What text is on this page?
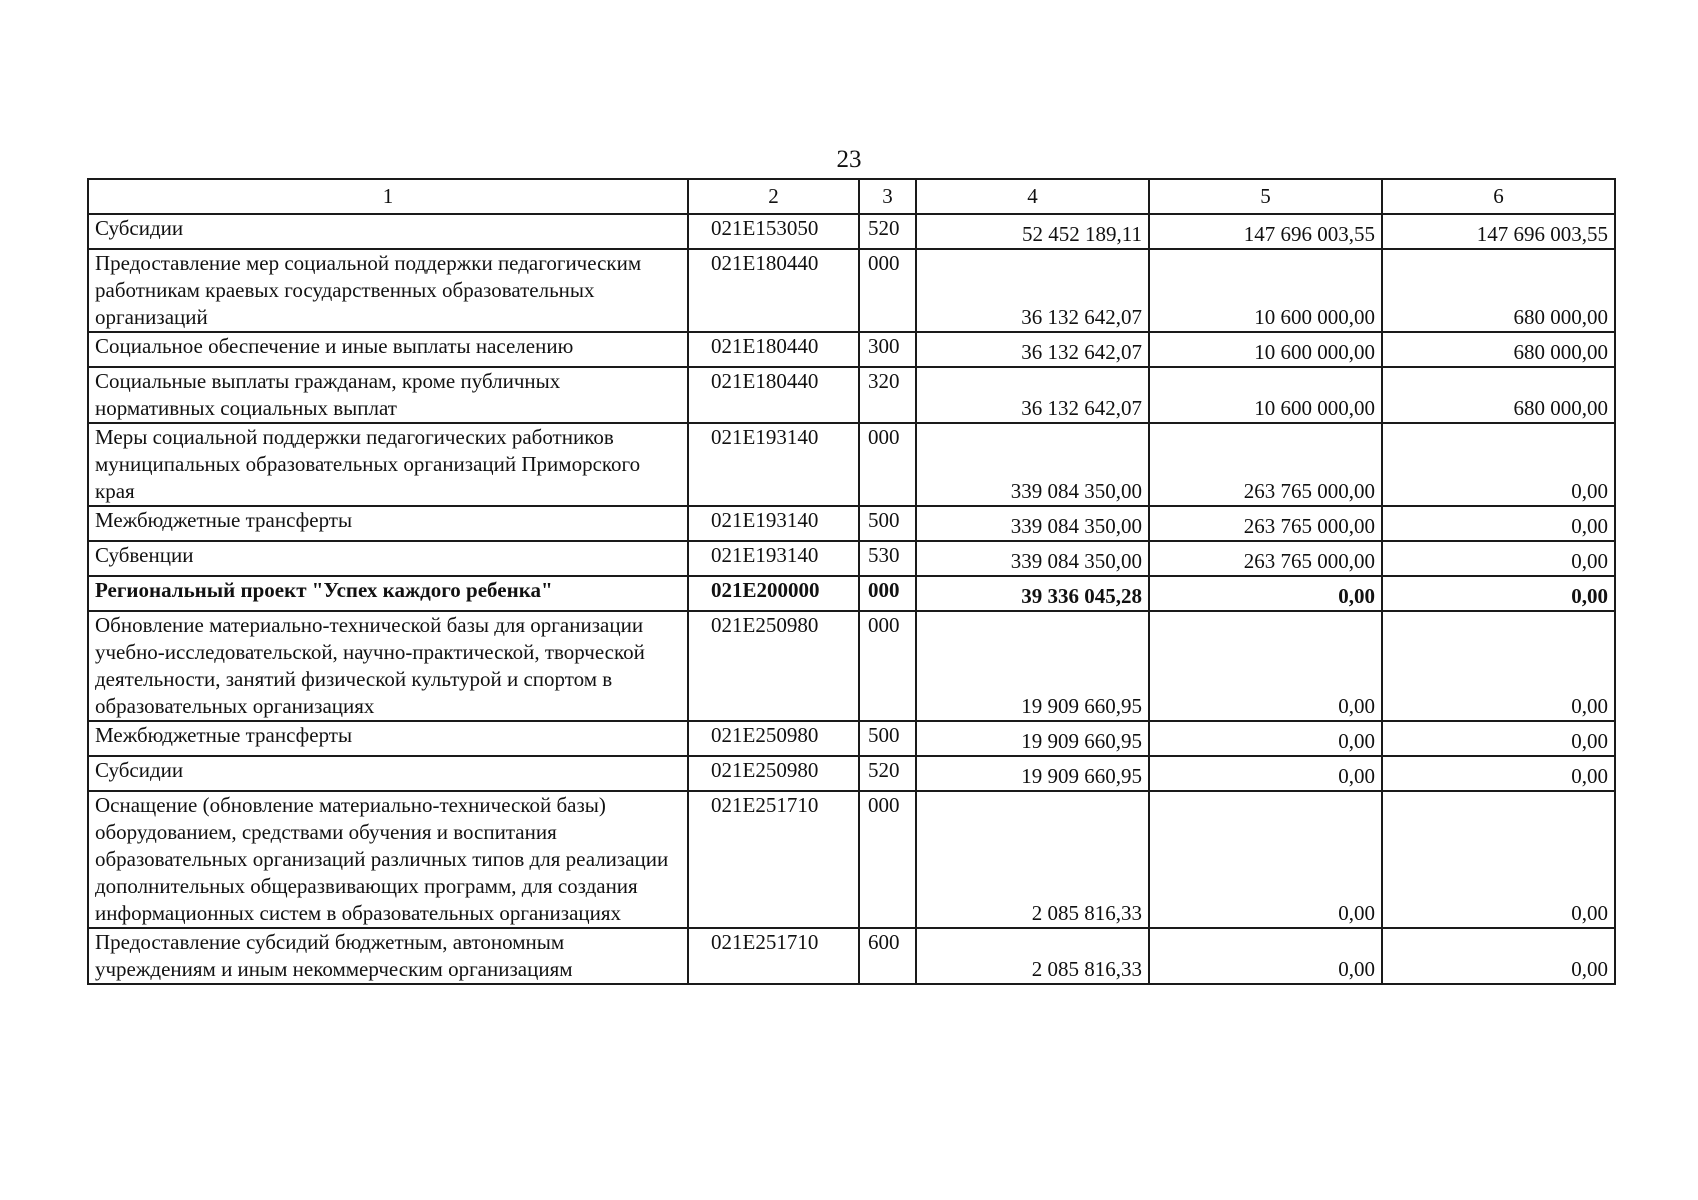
23
1	2	3	4	5	6
Субсидии	021E153050	520	52 452 189,11	147 696 003,55	147 696 003,55
Предоставление мер социальной поддержки педагогическим работникам краевых государственных образовательных организаций	021E180440	000	36 132 642,07	10 600 000,00	680 000,00
Социальное обеспечение и иные выплаты населению	021E180440	300	36 132 642,07	10 600 000,00	680 000,00
Социальные выплаты гражданам, кроме публичных нормативных социальных выплат	021E180440	320	36 132 642,07	10 600 000,00	680 000,00
Меры социальной поддержки педагогических работников муниципальных образовательных организаций Приморского края	021E193140	000	339 084 350,00	263 765 000,00	0,00
Межбюджетные трансферты	021E193140	500	339 084 350,00	263 765 000,00	0,00
Субвенции	021E193140	530	339 084 350,00	263 765 000,00	0,00
Региональный проект "Успех каждого ребенка"	021E200000	000	39 336 045,28	0,00	0,00
Обновление материально-технической базы для организации учебно-исследовательской, научно-практической, творческой деятельности, занятий физической культурой и спортом в образовательных организациях	021E250980	000	19 909 660,95	0,00	0,00
Межбюджетные трансферты	021E250980	500	19 909 660,95	0,00	0,00
Субсидии	021E250980	520	19 909 660,95	0,00	0,00
Оснащение (обновление материально-технической базы) оборудованием, средствами обучения и воспитания образовательных организаций различных типов для реализации дополнительных общеразвивающих программ, для создания информационных систем в образовательных организациях	021E251710	000	2 085 816,33	0,00	0,00
Предоставление субсидий бюджетным, автономным учреждениям и иным некоммерческим организациям	021E251710	600	2 085 816,33	0,00	0,00
